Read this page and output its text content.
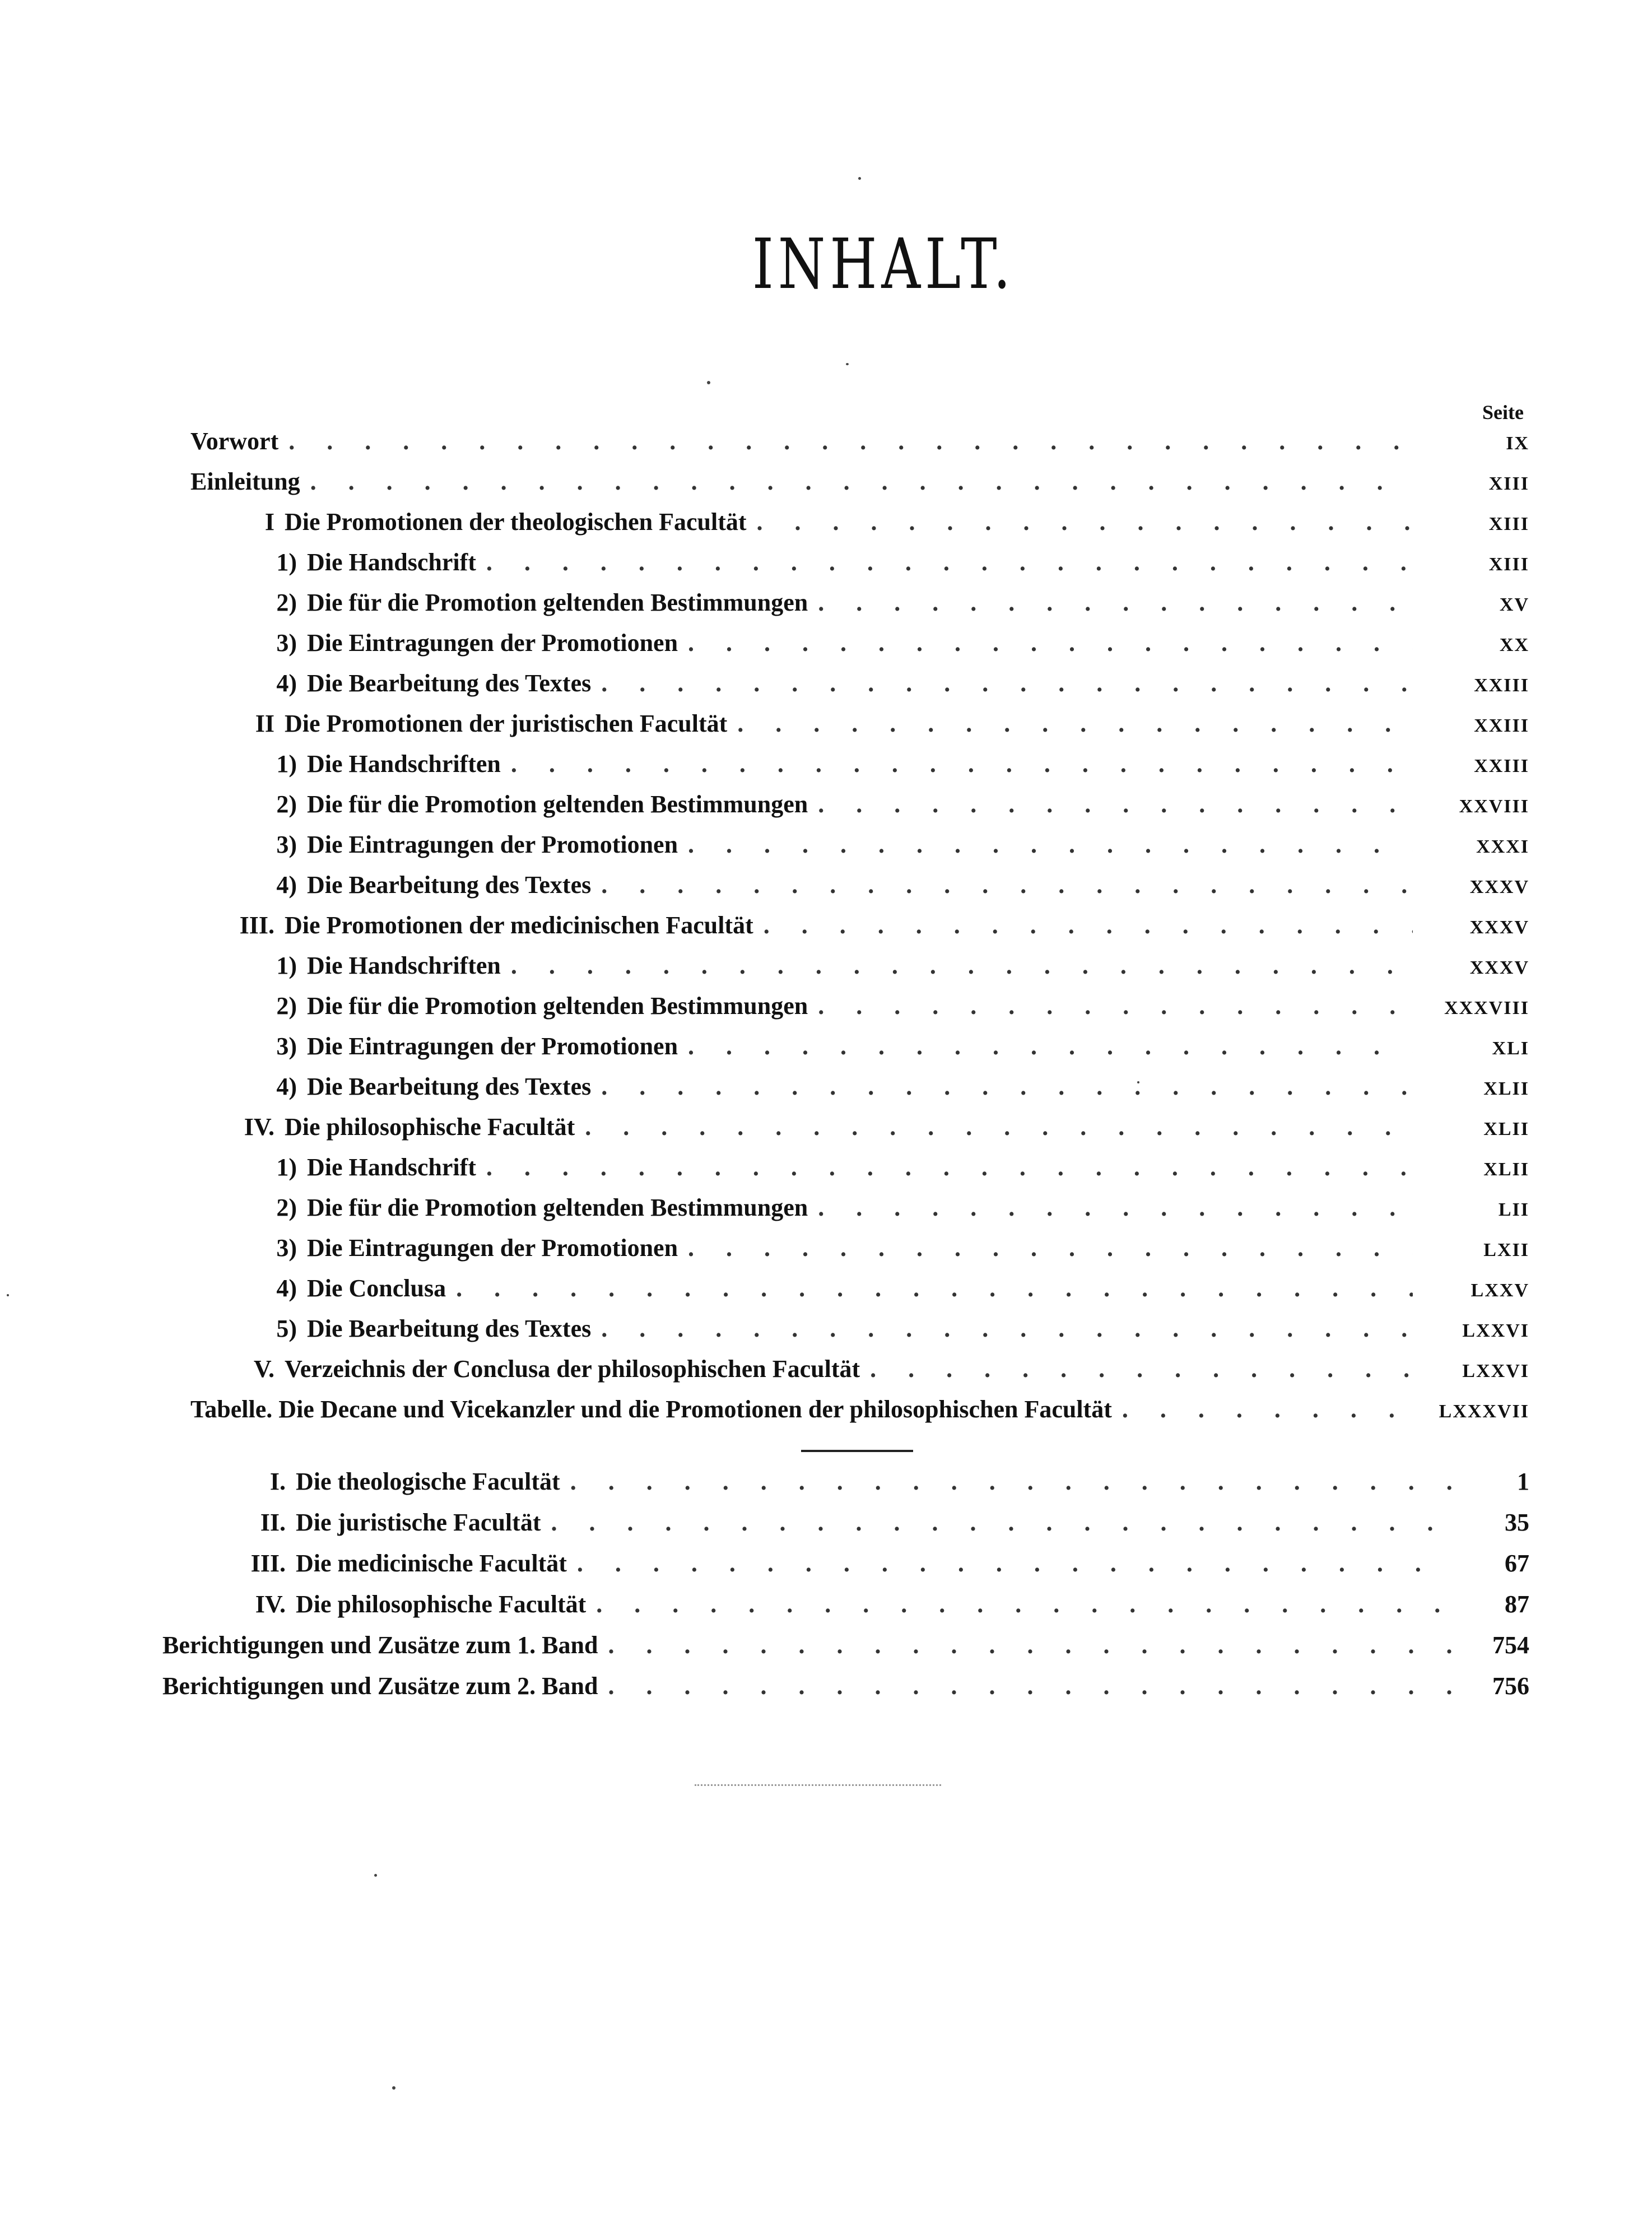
INHALT.
Seite
Vorwort . . .	IX
Einleitung . . .	XIII
I Die Promotionen der theologischen Facultät . . .	XIII
1) Die Handschrift . . .	XIII
2) Die für die Promotion geltenden Bestimmungen . . .	XV
3) Die Eintragungen der Promotionen . . .	XX
4) Die Bearbeitung des Textes . . .	XXIII
II Die Promotionen der juristischen Facultät . . .	XXIII
1) Die Handschriften . . .	XXIII
2) Die für die Promotion geltenden Bestimmungen . . .	XXVIII
3) Die Eintragungen der Promotionen . . .	XXXI
4) Die Bearbeitung des Textes . . .	XXXV
III. Die Promotionen der medicinischen Facultät . . .	XXXV
1) Die Handschriften . . .	XXXV
2) Die für die Promotion geltenden Bestimmungen . . .	XXXVIII
3) Die Eintragungen der Promotionen . . .	XLI
4) Die Bearbeitung des Textes . . .	XLII
IV. Die philosophische Facultät . . .	XLII
1) Die Handschrift . . .	XLII
2) Die für die Promotion geltenden Bestimmungen . . .	LII
3) Die Eintragungen der Promotionen . . .	LXII
4) Die Conclusa . . .	LXXV
5) Die Bearbeitung des Textes . . .	LXXVI
V. Verzeichnis der Conclusa der philosophischen Facultät . . .	LXXVI
Tabelle. Die Decane und Vicekanzler und die Promotionen der philosophischen Facultät . . .	LXXXVII
I. Die theologische Facultät . . .	1
II. Die juristische Facultät . . .	35
III. Die medicinische Facultät . . .	67
IV. Die philosophische Facultät . . .	87
Berichtigungen und Zusätze zum 1. Band . . .	754
Berichtigungen und Zusätze zum 2. Band . . .	756
